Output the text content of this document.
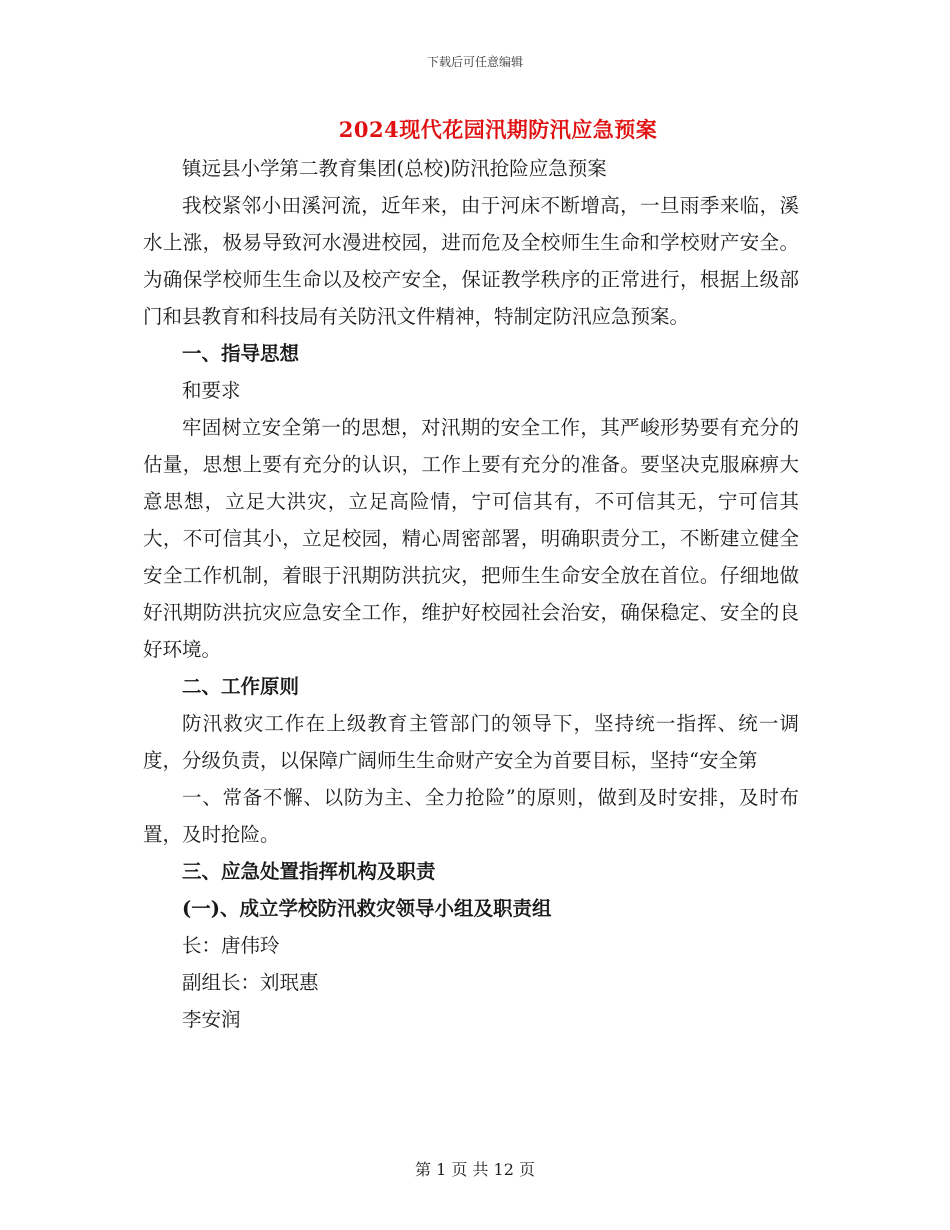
下载后可任意编辑
2024现代花园汛期防汛应急预案

镇远县小学第二教育集团(总校)防汛抢险应急预案

我校紧邻小田溪河流，近年来，由于河床不断增高，一旦雨季来临，溪水上涨，极易导致河水漫进校园，进而危及全校师生生命和学校财产安全。为确保学校师生生命以及校产安全，保证教学秩序的正常进行，根据上级部门和县教育和科技局有关防汛文件精神，特制定防汛应急预案。

一、指导思想

和要求

牢固树立安全第一的思想，对汛期的安全工作，其严峻形势要有充分的估量，思想上要有充分的认识，工作上要有充分的准备。要坚决克服麻痹大意思想，立足大洪灾，立足高险情，宁可信其有，不可信其无，宁可信其大，不可信其小，立足校园，精心周密部署，明确职责分工，不断建立健全安全工作机制，着眼于汛期防洪抗灾，把师生生命安全放在首位。仔细地做好汛期防洪抗灾应急安全工作，维护好校园社会治安，确保稳定、安全的良好环境。

二、工作原则

防汛救灾工作在上级教育主管部门的领导下，坚持统一指挥、统一调度，分级负责，以保障广阔师生生命财产安全为首要目标，坚持“安全第

一、常备不懈、以防为主、全力抢险”的原则，做到及时安排，及时布置，及时抢险。

三、应急处置指挥机构及职责

(一)、成立学校防汛救灾领导小组及职责组

长：唐伟玲

副组长：刘珉惠

李安润

第 1 页 共 12 页
